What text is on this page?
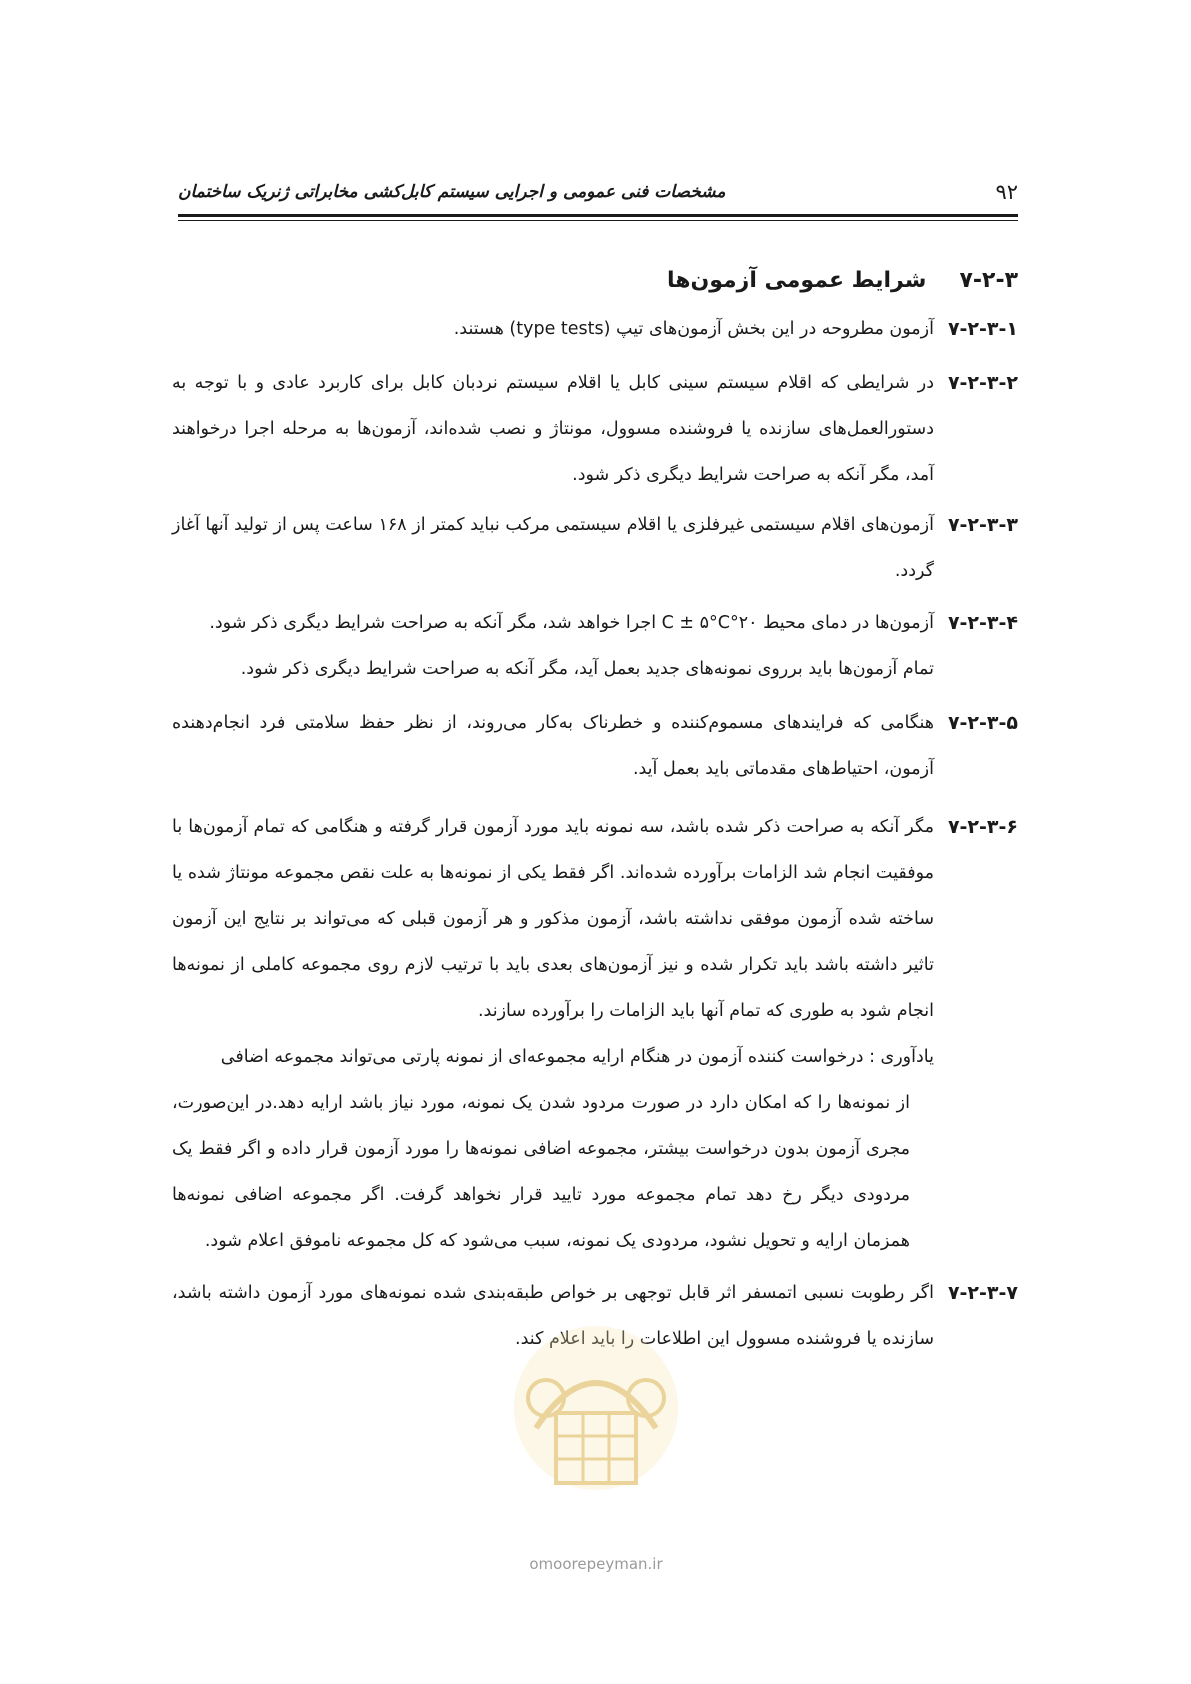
۹۲
مشخصات فنی عمومی و اجرایی سیستم کابل‌کشی مخابراتی ژنریک ساختمان
۷-۲-۳ شرایط عمومی آزمون‌ها
۷-۲-۳-۱

آزمون مطروحه در این بخش آزمون‌های تیپ (type tests) هستند.

۷-۲-۳-۲

در شرایطی که اقلام سیستم سینی کابل یا اقلام سیستم نردبان کابل برای کاربرد عادی و با توجه به دستورالعمل‌های سازنده یا فروشنده مسوول، مونتاژ و نصب شده‌اند، آزمون‌ها به مرحله اجرا درخواهند آمد، مگر آنکه به صراحت شرایط دیگری ذکر شود.

۷-۲-۳-۳

آزمون‌های اقلام سیستمی غیرفلزی یا اقلام سیستمی مرکب نباید کمتر از ۱۶۸ ساعت پس از تولید آنها آغاز گردد.

۷-۲-۳-۴

آزمون‌ها در دمای محیط ۲۰°C ± ۵°C اجرا خواهد شد، مگر آنکه به صراحت شرایط دیگری ذکر شود.

تمام آزمون‌ها باید برروی نمونه‌های جدید بعمل آید، مگر آنکه به صراحت شرایط دیگری ذکر شود.

۷-۲-۳-۵

هنگامی که فرایندهای مسموم‌کننده و خطرناک به‌کار می‌روند، از نظر حفظ سلامتی فرد انجام‌دهنده آزمون، احتیاط‌های مقدماتی باید بعمل آید.

۷-۲-۳-۶

مگر آنکه به صراحت ذکر شده باشد، سه نمونه باید مورد آزمون قرار گرفته و هنگامی که تمام آزمون‌ها با موفقیت انجام شد الزامات برآورده شده‌اند. اگر فقط یکی از نمونه‌ها به علت نقص مجموعه مونتاژ شده یا ساخته شده آزمون موفقی نداشته باشد، آزمون مذکور و هر آزمون قبلی که می‌تواند بر نتایج این آزمون تاثیر داشته باشد باید تکرار شده و نیز آزمون‌های بعدی باید با ترتیب لازم روی مجموعه کاملی از نمونه‌ها انجام شود به طوری که تمام آنها باید الزامات را برآورده سازند.

یادآوری : درخواست کننده آزمون در هنگام ارایه مجموعه‌ای از نمونه پارتی می‌تواند مجموعه اضافی

از نمونه‌ها را که امکان دارد در صورت مردود شدن یک نمونه، مورد نیاز باشد ارایه دهد.در این‌صورت، مجری آزمون بدون درخواست بیشتر، مجموعه اضافی نمونه‌ها را مورد آزمون قرار داده و اگر فقط یک مردودی دیگر رخ دهد تمام مجموعه مورد تایید قرار نخواهد گرفت. اگر مجموعه اضافی نمونه‌ها همزمان ارایه و تحویل نشود، مردودی یک نمونه، سبب می‌شود که کل مجموعه ناموفق اعلام شود.

۷-۲-۳-۷

اگر رطوبت نسبی اتمسفر اثر قابل توجهی بر خواص طبقه‌بندی شده نمونه‌های مورد آزمون داشته باشد، سازنده یا فروشنده مسوول این اطلاعات را باید اعلام کند.

omoorepeyman.ir
